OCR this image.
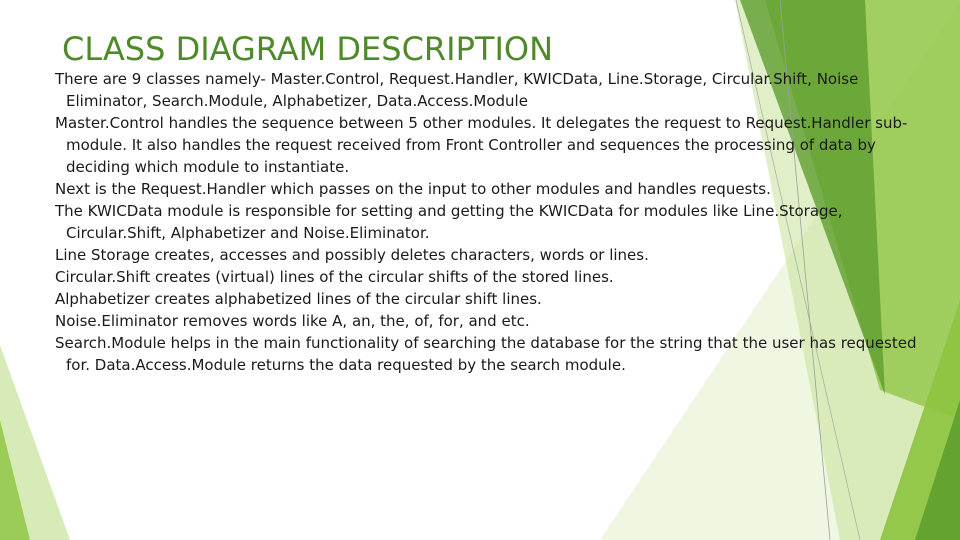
CLASS DIAGRAM DESCRIPTION

There are 9 classes namely- Master.Control, Request.Handler, KWICData, Line.Storage, Circular.Shift, Noise Eliminator, Search.Module, Alphabetizer, Data.Access.Module

Master.Control handles the sequence between 5 other modules. It delegates the request to Request.Handler sub-module. It also handles the request received from Front Controller and sequences the processing of data by deciding which module to instantiate.

Next is the Request.Handler which passes on the input to other modules and handles requests.

The KWICData module is responsible for setting and getting the KWICData for modules like Line.Storage, Circular.Shift, Alphabetizer and Noise.Eliminator.

Line Storage creates, accesses and possibly deletes characters, words or lines.

Circular.Shift creates (virtual) lines of the circular shifts of the stored lines.

Alphabetizer creates alphabetized lines of the circular shift lines.

Noise.Eliminator removes words like A, an, the, of, for, and etc.

Search.Module helps in the main functionality of searching the database for the string that the user has requested for. Data.Access.Module returns the data requested by the search module.
